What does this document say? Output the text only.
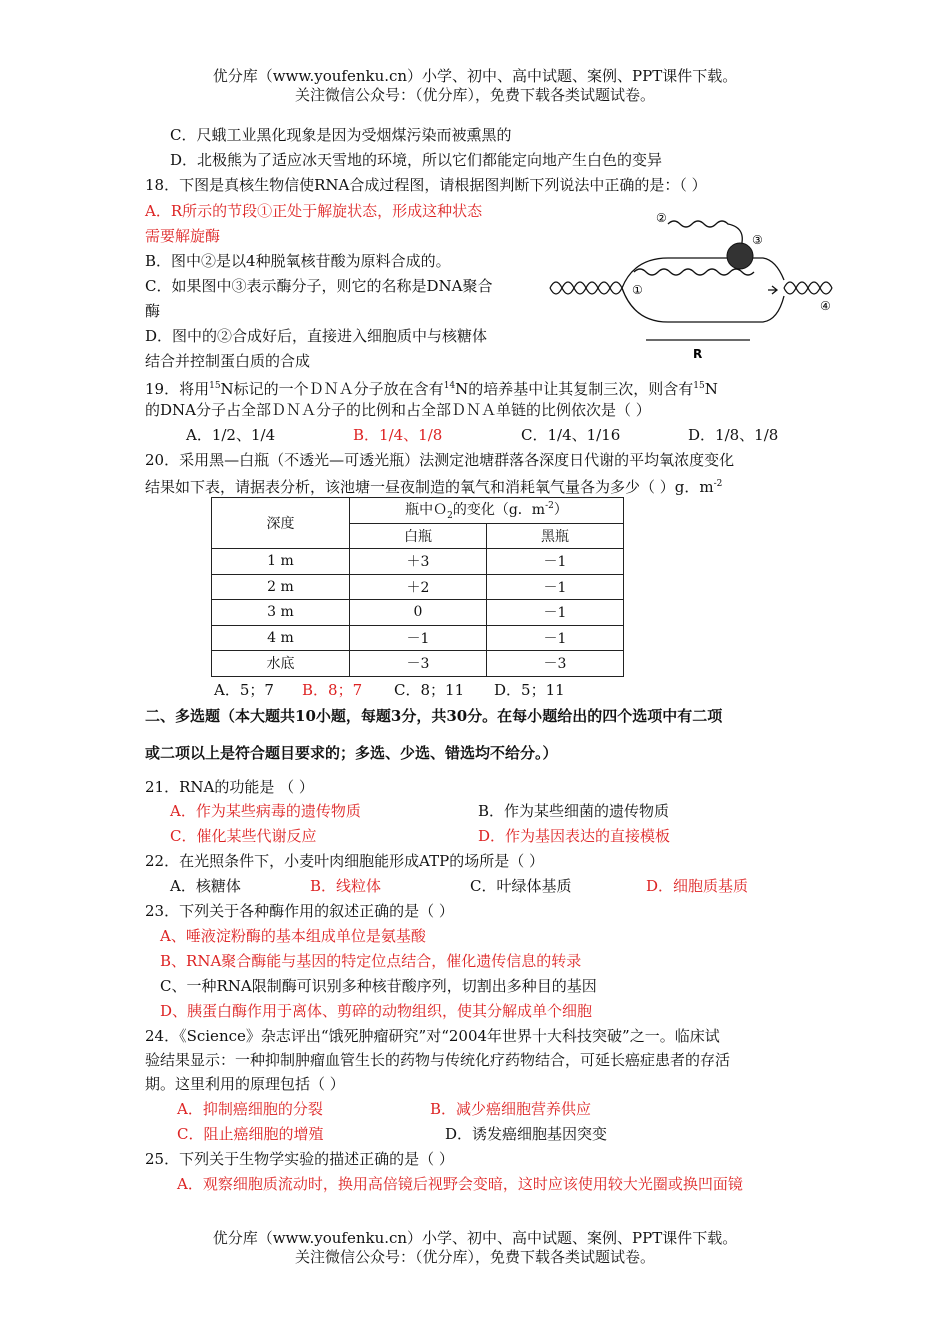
优分库（www.youfenku.cn）小学、初中、高中试题、案例、PPT课件下载。
关注微信公众号：（优分库），免费下载各类试题试卷。
C．尺蛾工业黑化现象是因为受烟煤污染而被熏黑的
D．北极熊为了适应冰天雪地的环境，所以它们都能定向地产生白色的变异
18．下图是真核生物信使RNA合成过程图，请根据图判断下列说法中正确的是：（ ）
A．R所示的节段①正处于解旋状态，形成这种状态
需要解旋酶
B．图中②是以4种脱氧核苷酸为原料合成的。
C．如果图中③表示酶分子，则它的名称是DNA聚合
酶
D．图中的②合成好后，直接进入细胞质中与核糖体
结合并控制蛋白质的合成
①
②
③
④
R
19．将用$^{15}$N标记的一个ＤＮＡ分子放在含有$^{14}$N的培养基中让其复制三次，则含有$^{15}$N
的DNA分子占全部ＤＮＡ分子的比例和占全部ＤＮＡ单链的比例依次是（ ）
A．1/2、1/4	B．1/4、1/8	C．1/4、1/16	D．1/8、1/8
20．采用黑—白瓶（不透光—可透光瓶）法测定池塘群落各深度日代谢的平均氧浓度变化
结果如下表，请据表分析，该池塘一昼夜制造的氧气和消耗氧气量各为多少（ ）g．$m^{-2}$
深度	瓶中Ｏ$_2$的变化（g．$m^{-2}$）	
	白瓶	黑瓶
1 m	＋3	－1
2 m	＋2	－1
3 m	0	－1
4 m	－1	－1
水底	－3	－3
A．5；7 B．8；7 C．8；11 D．5；11
二、多选题（本大题共10小题，每题3分，共30分。在每小题给出的四个选项中有二项
或二项以上是符合题目要求的；多选、少选、错选均不给分。）
21．RNA的功能是 （ ）
A．作为某些病毒的遗传物质	B．作为某些细菌的遗传物质
C．催化某些代谢反应	D．作为基因表达的直接模板
22．在光照条件下，小麦叶肉细胞能形成ATP的场所是（ ）
A．核糖体	B．线粒体	C．叶绿体基质	D．细胞质基质
23．下列关于各种酶作用的叙述正确的是（ ）
A、唾液淀粉酶的基本组成单位是氨基酸
B、RNA聚合酶能与基因的特定位点结合，催化遗传信息的转录
C、一种RNA限制酶可识别多种核苷酸序列，切割出多种目的基因
D、胰蛋白酶作用于离体、剪碎的动物组织，使其分解成单个细胞
24．《Science》杂志评出“饿死肿瘤研究”对“2004年世界十大科技突破”之一。临床试
验结果显示：一种抑制肿瘤血管生长的药物与传统化疗药物结合，可延长癌症患者的存活
期。这里利用的原理包括（ ）
A．抑制癌细胞的分裂	B．减少癌细胞营养供应
C．阻止癌细胞的增殖	D．诱发癌细胞基因突变
25．下列关于生物学实验的描述正确的是（ ）
A．观察细胞质流动时，换用高倍镜后视野会变暗，这时应该使用较大光圈或换凹面镜
优分库（www.youfenku.cn）小学、初中、高中试题、案例、PPT课件下载。
关注微信公众号：（优分库），免费下载各类试题试卷。
